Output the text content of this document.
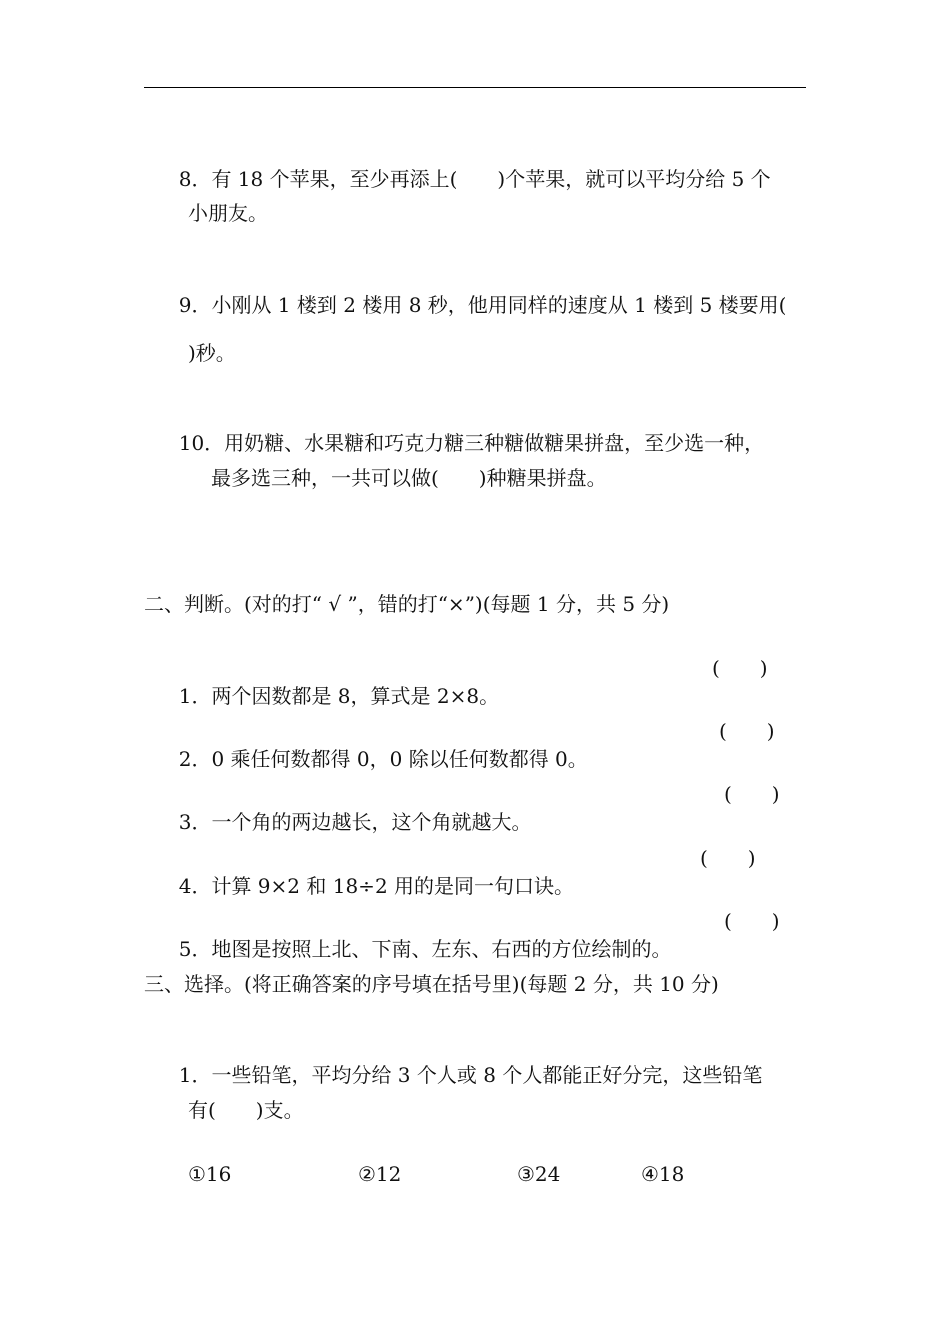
8．有 18 个苹果，至少再添上(　　)个苹果，就可以平均分给 5 个

小朋友。

9．小刚从 1 楼到 2 楼用 8 秒，他用同样的速度从 1 楼到 5 楼要用(

)秒。

10．用奶糖、水果糖和巧克力糖三种糖做糖果拼盘，至少选一种，

最多选三种，一共可以做(　　)种糖果拼盘。
二、判断。(对的打“ √ ”，错的打“×”)(每题 1 分，共 5 分)

1．两个因数都是 8，算式是 2×8。

(　　)

2．0 乘任何数都得 0，0 除以任何数都得 0。

(　　)

3．一个角的两边越长，这个角就越大。

(　　)

4．计算 9×2 和 18÷2 用的是同一句口诀。

(　　)

5．地图是按照上北、下南、左东、右西的方位绘制的。

(　　)
三、选择。(将正确答案的序号填在括号里)(每题 2 分，共 10 分)

1．一些铅笔，平均分给 3 个人或 8 个人都能正好分完，这些铅笔

有(　　)支。
①16	②12	③24	④18
